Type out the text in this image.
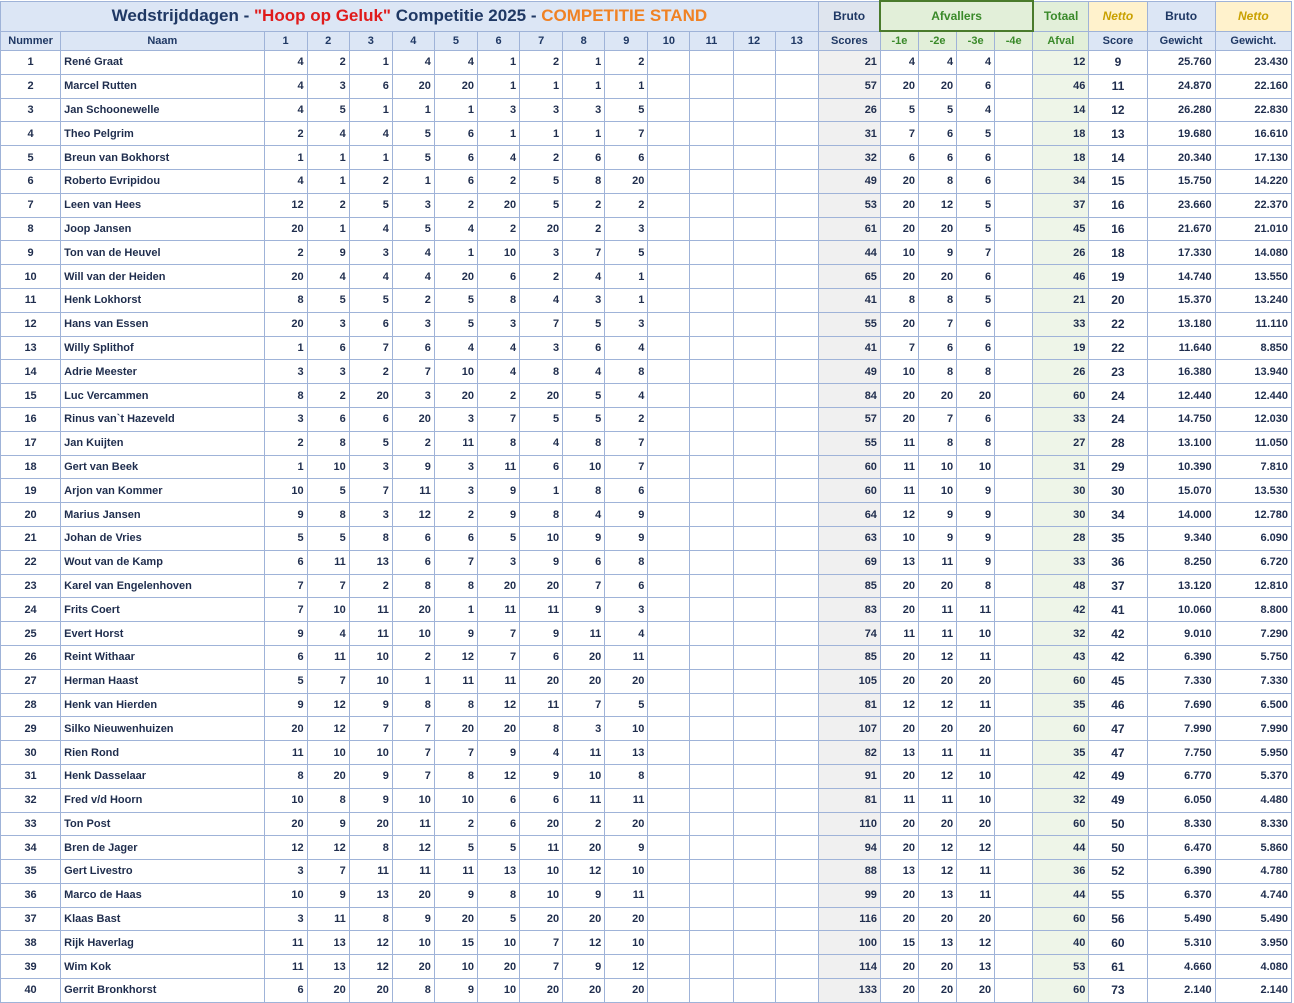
Wedstrijddagen - "Hoop op Geluk" Competitie 2025 - COMPETITIE STAND															Bruto	Afvallers				Totaal	Netto	Bruto	Netto
Nummer	Naam	1	2	3	4	5	6	7	8	9	10	11	12	13	Scores	-1e	-2e	-3e	-4e	Afval	Score	Gewicht	Gewicht.
1	René Graat	4	2	1	4	4	1	2	1	2					21	4	4	4		12	9	25.760	23.430
2	Marcel Rutten	4	3	6	20	20	1	1	1	1					57	20	20	6		46	11	24.870	22.160
3	Jan Schoonewelle	4	5	1	1	1	3	3	3	5					26	5	5	4		14	12	26.280	22.830
4	Theo Pelgrim	2	4	4	5	6	1	1	1	7					31	7	6	5		18	13	19.680	16.610
5	Breun van Bokhorst	1	1	1	5	6	4	2	6	6					32	6	6	6		18	14	20.340	17.130
6	Roberto Evripidou	4	1	2	1	6	2	5	8	20					49	20	8	6		34	15	15.750	14.220
7	Leen van Hees	12	2	5	3	2	20	5	2	2					53	20	12	5		37	16	23.660	22.370
8	Joop Jansen	20	1	4	5	4	2	20	2	3					61	20	20	5		45	16	21.670	21.010
9	Ton van de Heuvel	2	9	3	4	1	10	3	7	5					44	10	9	7		26	18	17.330	14.080
10	Will van der Heiden	20	4	4	4	20	6	2	4	1					65	20	20	6		46	19	14.740	13.550
11	Henk Lokhorst	8	5	5	2	5	8	4	3	1					41	8	8	5		21	20	15.370	13.240
12	Hans van Essen	20	3	6	3	5	3	7	5	3					55	20	7	6		33	22	13.180	11.110
13	Willy Splithof	1	6	7	6	4	4	3	6	4					41	7	6	6		19	22	11.640	8.850
14	Adrie Meester	3	3	2	7	10	4	8	4	8					49	10	8	8		26	23	16.380	13.940
15	Luc Vercammen	8	2	20	3	20	2	20	5	4					84	20	20	20		60	24	12.440	12.440
16	Rinus van`t Hazeveld	3	6	6	20	3	7	5	5	2					57	20	7	6		33	24	14.750	12.030
17	Jan Kuijten	2	8	5	2	11	8	4	8	7					55	11	8	8		27	28	13.100	11.050
18	Gert van Beek	1	10	3	9	3	11	6	10	7					60	11	10	10		31	29	10.390	7.810
19	Arjon van Kommer	10	5	7	11	3	9	1	8	6					60	11	10	9		30	30	15.070	13.530
20	Marius Jansen	9	8	3	12	2	9	8	4	9					64	12	9	9		30	34	14.000	12.780
21	Johan de Vries	5	5	8	6	6	5	10	9	9					63	10	9	9		28	35	9.340	6.090
22	Wout van de Kamp	6	11	13	6	7	3	9	6	8					69	13	11	9		33	36	8.250	6.720
23	Karel van Engelenhoven	7	7	2	8	8	20	20	7	6					85	20	20	8		48	37	13.120	12.810
24	Frits Coert	7	10	11	20	1	11	11	9	3					83	20	11	11		42	41	10.060	8.800
25	Evert Horst	9	4	11	10	9	7	9	11	4					74	11	11	10		32	42	9.010	7.290
26	Reint Withaar	6	11	10	2	12	7	6	20	11					85	20	12	11		43	42	6.390	5.750
27	Herman Haast	5	7	10	1	11	11	20	20	20					105	20	20	20		60	45	7.330	7.330
28	Henk van Hierden	9	12	9	8	8	12	11	7	5					81	12	12	11		35	46	7.690	6.500
29	Silko Nieuwenhuizen	20	12	7	7	20	20	8	3	10					107	20	20	20		60	47	7.990	7.990
30	Rien Rond	11	10	10	7	7	9	4	11	13					82	13	11	11		35	47	7.750	5.950
31	Henk Dasselaar	8	20	9	7	8	12	9	10	8					91	20	12	10		42	49	6.770	5.370
32	Fred v/d Hoorn	10	8	9	10	10	6	6	11	11					81	11	11	10		32	49	6.050	4.480
33	Ton Post	20	9	20	11	2	6	20	2	20					110	20	20	20		60	50	8.330	8.330
34	Bren de Jager	12	12	8	12	5	5	11	20	9					94	20	12	12		44	50	6.470	5.860
35	Gert Livestro	3	7	11	11	11	13	10	12	10					88	13	12	11		36	52	6.390	4.780
36	Marco de Haas	10	9	13	20	9	8	10	9	11					99	20	13	11		44	55	6.370	4.740
37	Klaas Bast	3	11	8	9	20	5	20	20	20					116	20	20	20		60	56	5.490	5.490
38	Rijk Haverlag	11	13	12	10	15	10	7	12	10					100	15	13	12		40	60	5.310	3.950
39	Wim Kok	11	13	12	20	10	20	7	9	12					114	20	20	13		53	61	4.660	4.080
40	Gerrit Bronkhorst	6	20	20	8	9	10	20	20	20					133	20	20	20		60	73	2.140	2.140
